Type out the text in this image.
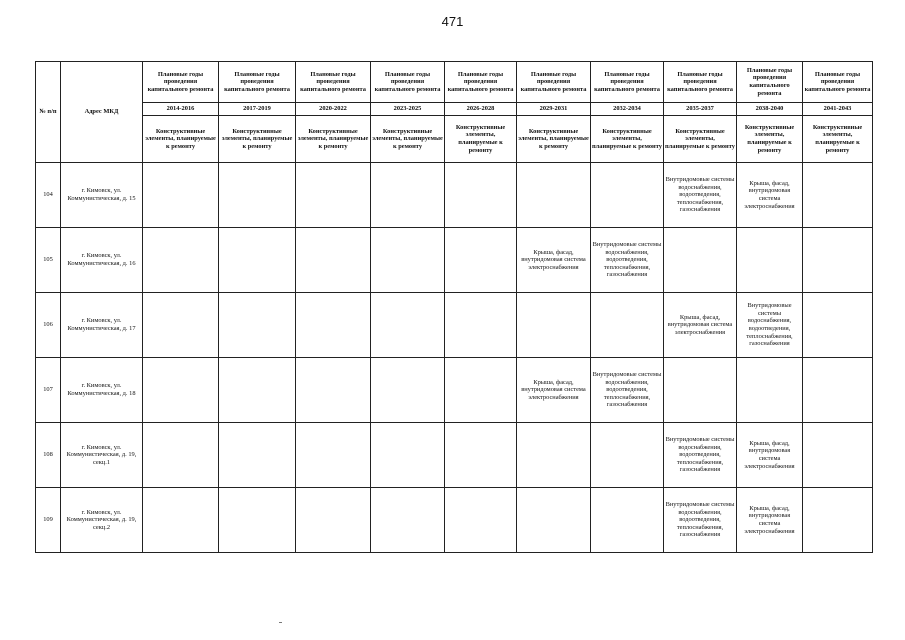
471
№ п/п	Адрес МКД	Плановые годы проведения капитального ремонта	Плановые годы проведения капитального ремонта	Плановые годы проведения капитального ремонта	Плановые годы проведения капитального ремонта	Плановые годы проведения капитального ремонта	Плановые годы проведения капитального ремонта	Плановые годы проведения капитального ремонта	Плановые годы проведения капитального ремонта	Плановые годы проведения капитального ремонта	Плановые годы проведения капитального ремонта
		2014-2016	2017-2019	2020-2022	2023-2025	2026-2028	2029-2031	2032-2034	2035-2037	2038-2040	2041-2043
		Конструктивные элементы, планируемые к ремонту	Конструктивные элементы, планируемые к ремонту	Конструктивные элементы, планируемые к ремонту	Конструктивные элементы, планируемые к ремонту	Конструктивные элементы, планируемые к ремонту	Конструктивные элементы, планируемые к ремонту	Конструктивные элементы, планируемые к ремонту	Конструктивные элементы, планируемые к ремонту	Конструктивные элементы, планируемые к ремонту	Конструктивные элементы, планируемые к ремонту
104	г. Кимовск, ул. Коммунистическая, д. 15								Внутридомовые системы водоснабжения, водоотведения, теплоснабжения, газоснабжения	Крыша, фасад, внутридомовая система электроснабжения	
105	г. Кимовск, ул. Коммунистическая, д. 16						Крыша, фасад, внутридомовая система электроснабжения	Внутридомовые системы водоснабжения, водоотведения, теплоснабжения, газоснабжения			
106	г. Кимовск, ул. Коммунистическая, д. 17								Крыша, фасад, внутридомовая система электроснабжения	Внутридомовые системы водоснабжения, водоотведения, теплоснабжения, газоснабжения	
107	г. Кимовск, ул. Коммунистическая, д. 18						Крыша, фасад, внутридомовая система электроснабжения	Внутридомовые системы водоснабжения, водоотведения, теплоснабжения, газоснабжения			
108	г. Кимовск, ул. Коммунистическая, д. 19, секц.1								Внутридомовые системы водоснабжения, водоотведения, теплоснабжения, газоснабжения	Крыша, фасад, внутридомовая система электроснабжения	
109	г. Кимовск, ул. Коммунистическая, д. 19, секц.2								Внутридомовые системы водоснабжения, водоотведения, теплоснабжения, газоснабжения	Крыша, фасад, внутридомовая система электроснабжения	
